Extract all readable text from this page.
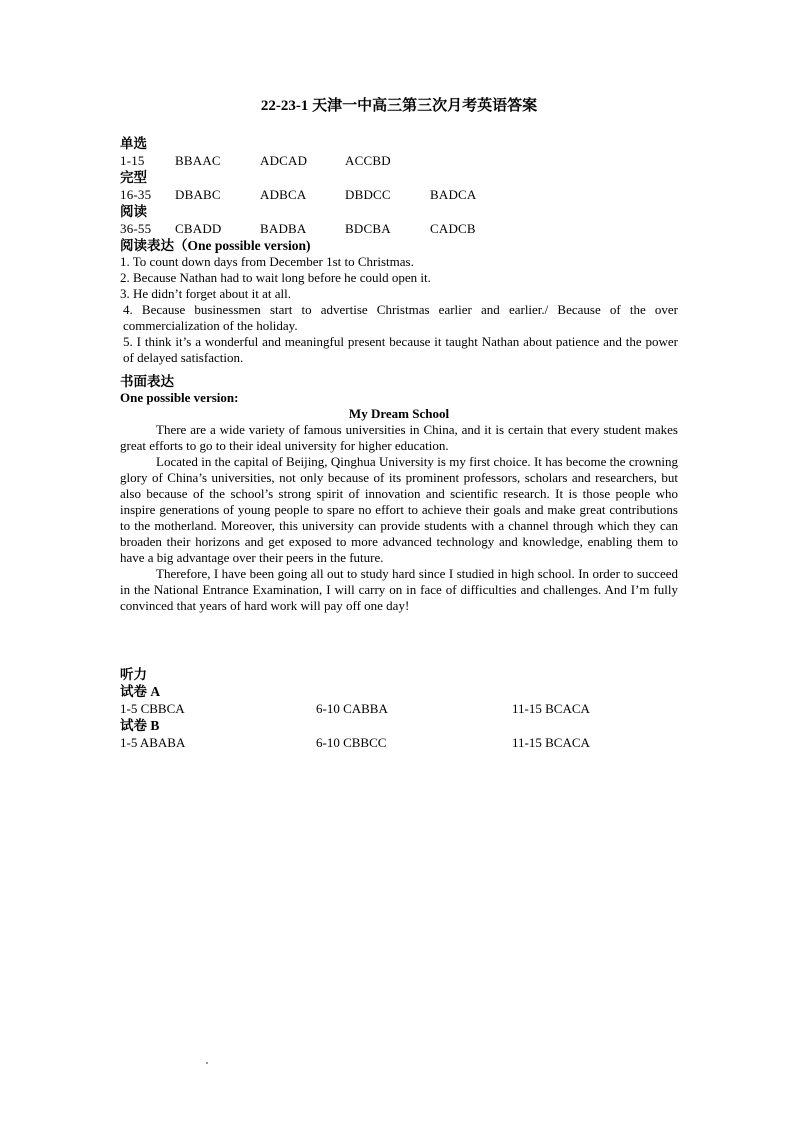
22-23-1 天津一中高三第三次月考英语答案
单选
1-15	BBAAC	ADCAD	ACCBD
完型
16-35	DBABC	ADBCA	DBDCC	BADCA
阅读
36-55	CBADD	BADBA	BDCBA	CADCB
阅读表达（One possible version)
1. To count down days from December 1st to Christmas.
2. Because Nathan had to wait long before he could open it.
3. He didn’t forget about it at all.
4. Because businessmen start to advertise Christmas earlier and earlier./ Because of the over commercialization of the holiday.
5. I think it’s a wonderful and meaningful present because it taught Nathan about patience and the power of delayed satisfaction.
书面表达
One possible version:
My Dream School

There are a wide variety of famous universities in China, and it is certain that every student makes great efforts to go to their ideal university for higher education.

Located in the capital of Beijing, Qinghua University is my first choice. It has become the crowning glory of China’s universities, not only because of its prominent professors, scholars and researchers, but also because of the school’s strong spirit of innovation and scientific research. It is those people who inspire generations of young people to spare no effort to achieve their goals and make great contributions to the motherland. Moreover, this university can provide students with a channel through which they can broaden their horizons and get exposed to more advanced technology and knowledge, enabling them to have a big advantage over their peers in the future.

Therefore, I have been going all out to study hard since I studied in high school. In order to succeed in the National Entrance Examination, I will carry on in face of difficulties and challenges. And I’m fully convinced that years of hard work will pay off one day!

听力
试卷 A
1-5 CBBCA	6-10 CABBA	11-15 BCACA
试卷 B
1-5 ABABA	6-10 CBBCC	11-15 BCACA
